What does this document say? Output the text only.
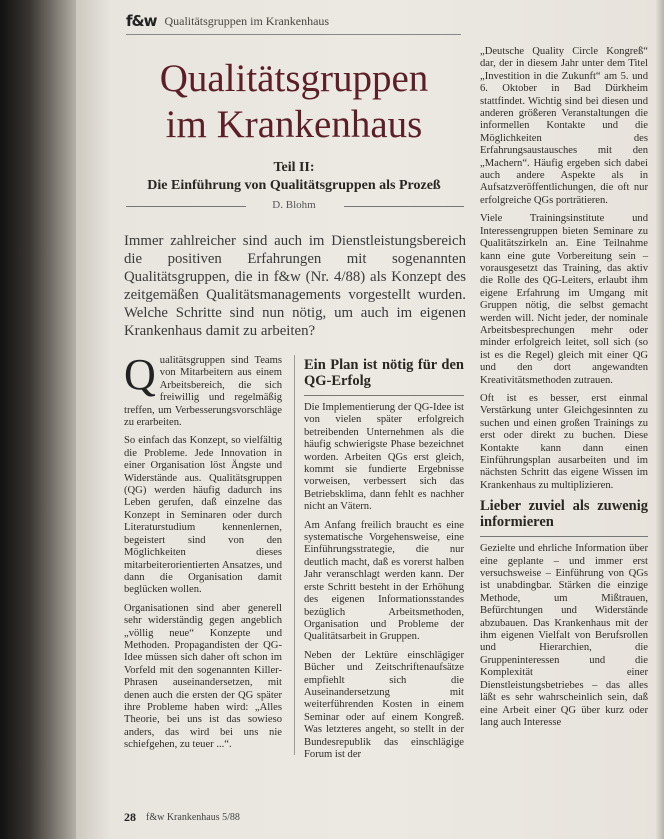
f&w Qualitätsgruppen im Krankenhaus
Qualitätsgruppen
im Krankenhaus
Teil II:
Die Einführung von Qualitätsgruppen als Prozeß
D. Blohm
Immer zahlreicher sind auch im Dienstleistungsbereich die positiven Erfahrungen mit sogenannten Qualitätsgruppen, die in f&w (Nr. 4/88) als Konzept des zeitgemäßen Qualitätsmanagements vorgestellt wurden. Welche Schritte sind nun nötig, um auch im eigenen Krankenhaus damit zu arbeiten?

Qualitätsgruppen sind Teams von Mitarbeitern aus einem Arbeitsbereich, die sich freiwillig und regelmäßig treffen, um Verbesserungsvorschläge zu erarbeiten.

So einfach das Konzept, so vielfältig die Probleme. Jede Innovation in einer Organisation löst Ängste und Widerstände aus. Qualitätsgruppen (QG) werden häufig dadurch ins Leben gerufen, daß einzelne das Konzept in Seminaren oder durch Literaturstudium kennenlernen, begeistert sind von den Möglichkeiten dieses mitarbeiterorientierten Ansatzes, und dann die Organisation damit beglücken wollen.

Organisationen sind aber generell sehr widerständig gegen angeblich „völlig neue“ Konzepte und Methoden. Propagandisten der QG-Idee müssen sich daher oft schon im Vorfeld mit den sogenannten Killer-Phrasen auseinandersetzen, mit denen auch die ersten der QG später ihre Probleme haben wird: „Alles Theorie, bei uns ist das sowieso anders, das wird bei uns nie schiefgehen, zu teuer ...“.

Ein Plan ist nötig für den QG-Erfolg

Die Implementierung der QG-Idee ist von vielen später erfolgreich betreibenden Unternehmen als die häufig schwierigste Phase bezeichnet worden. Arbeiten QGs erst gleich, kommt sie fundierte Ergebnisse vorweisen, verbessert sich das Betriebsklima, dann fehlt es nachher nicht an Vätern.

Am Anfang freilich braucht es eine systematische Vorgehensweise, eine Einführungsstrategie, die nur deutlich macht, daß es vorerst halben Jahr veranschlagt werden kann. Der erste Schritt besteht in der Erhöhung des eigenen Informationsstandes bezüglich Arbeitsmethoden, Organisation und Probleme der Qualitätsarbeit in Gruppen.

Neben der Lektüre einschlägiger Bücher und Zeitschriftenaufsätze empfiehlt sich die Auseinandersetzung mit weiterführenden Kosten in einem Seminar oder auf einem Kongreß. Was letzteres angeht, so stellt in der Bundesrepublik das einschlägige Forum ist der

„Deutsche Quality Circle Kongreß“ dar, der in diesem Jahr unter dem Titel „Investition in die Zukunft“ am 5. und 6. Oktober in Bad Dürkheim stattfindet. Wichtig sind bei diesen und anderen größeren Veranstaltungen die informellen Kontakte und die Möglichkeiten des Erfahrungsaustausches mit den „Machern“. Häufig ergeben sich dabei auch andere Aspekte als in Aufsatzveröffentlichungen, die oft nur erfolgreiche QGs porträtieren.

Viele Trainingsinstitute und Interessengruppen bieten Seminare zu Qualitätszirkeln an. Eine Teilnahme kann eine gute Vorbereitung sein – vorausgesetzt das Training, das aktiv die Rolle des QG-Leiters, erlaubt ihm eigene Erfahrung im Umgang mit Gruppen nötig, die selbst gemacht werden will. Nicht jeder, der nominale Arbeitsbesprechungen mehr oder minder erfolgreich leitet, soll sich (so ist es die Regel) gleich mit einer QG und den dort angewandten Kreativitätsmethoden zutrauen.

Oft ist es besser, erst einmal Verstärkung unter Gleichgesinnten zu suchen und einen großen Trainings zu erst oder direkt zu buchen. Diese Kontakte kann dann einen Einführungsplan ausarbeiten und im nächsten Schritt das eigene Wissen im Krankenhaus zu multiplizieren.

Lieber zuviel als zuwenig informieren

Gezielte und ehrliche Information über eine geplante – und immer erst versuchsweise – Einführung von QGs ist unabdingbar. Stärken die einzige Methode, um Mißtrauen, Befürchtungen und Widerstände abzubauen. Das Krankenhaus mit der ihm eigenen Vielfalt von Berufsrollen und Hierarchien, die Gruppeninteressen und die Komplexität einer Dienstleistungsbetriebes – das alles läßt es sehr wahrscheinlich sein, daß eine Arbeit einer QG über kurz oder lang auch Interesse

28 f&w Krankenhaus 5/88
